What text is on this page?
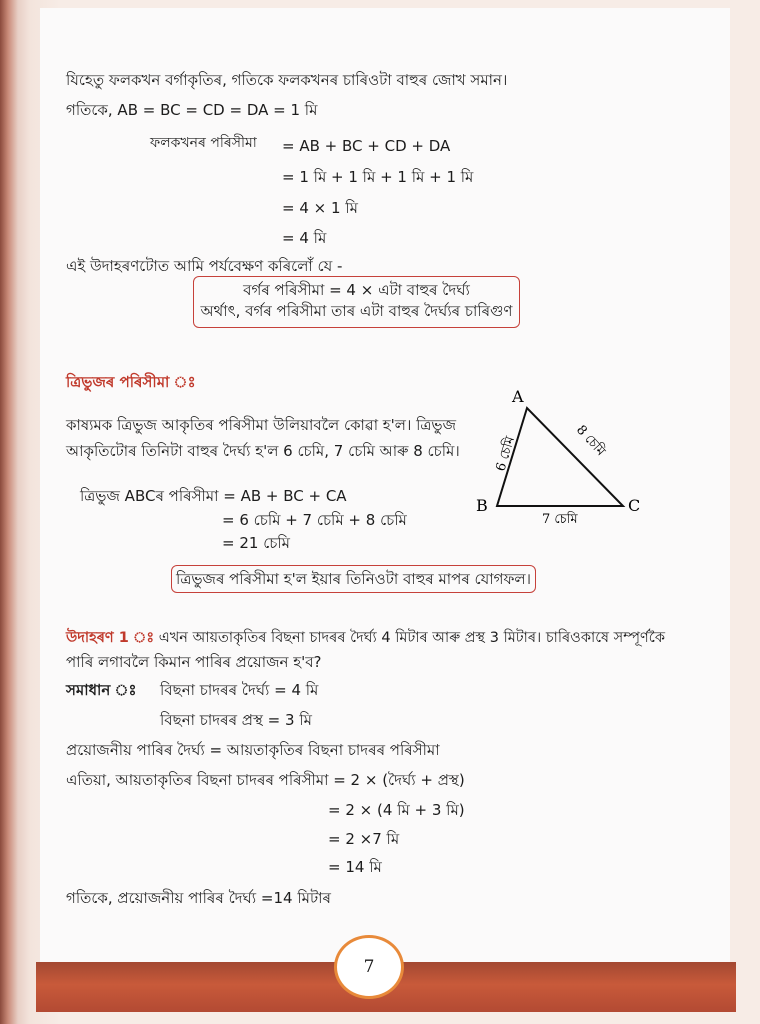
যিহেতু ফলকখন বৰ্গাকৃতিৰ, গতিকে ফলকখনৰ চাৰিওটা বাহুৰ জোখ সমান।
গতিকে, AB = BC = CD = DA = 1 মি
ফলকখনৰ পৰিসীমা = AB + BC + CD + DA
= 1 মি + 1 মি + 1 মি + 1 মি
= 4 × 1 মি
= 4 মি
এই উদাহৰণটোত আমি পৰ্যবেক্ষণ কৰিলোঁ যে -
বৰ্গৰ পৰিসীমা = 4 × এটা বাহুৰ দৈৰ্ঘ্য
অৰ্থাৎ, বৰ্গৰ পৰিসীমা তাৰ এটা বাহুৰ দৈৰ্ঘ্যৰ চাৰিগুণ
ত্ৰিভুজৰ পৰিসীমা ঃ
কাষ্যমক ত্ৰিভুজ আকৃতিৰ পৰিসীমা উলিয়াবলৈ কোৱা হ'ল। ত্ৰিভুজ
আকৃতিটোৰ তিনিটা বাহুৰ দৈৰ্ঘ্য হ'ল 6 চেমি, 7 চেমি আৰু 8 চেমি।
ত্ৰিভুজ ABCৰ পৰিসীমা = AB + BC + CA
= 6 চেমি + 7 চেমি + 8 চেমি
= 21 চেমি
A
B	C
6 চেমি	8 চেমি
7 চেমি
ত্ৰিভুজৰ পৰিসীমা হ'ল ইয়াৰ তিনিওটা বাহুৰ মাপৰ যোগফল।
উদাহৰণ 1 ঃ এখন আয়তাকৃতিৰ বিছনা চাদৰৰ দৈৰ্ঘ্য 4 মিটাৰ আৰু প্ৰস্থ 3 মিটাৰ। চাৰিওকাষে সম্পূৰ্ণকৈ
পাৰি লগাবলৈ কিমান পাৰিৰ প্ৰয়োজন হ'ব?
সমাধান ঃ বিছনা চাদৰৰ দৈৰ্ঘ্য = 4 মি
বিছনা চাদৰৰ প্ৰস্থ = 3 মি
প্ৰয়োজনীয় পাৰিৰ দৈৰ্ঘ্য = আয়তাকৃতিৰ বিছনা চাদৰৰ পৰিসীমা
এতিয়া, আয়তাকৃতিৰ বিছনা চাদৰৰ পৰিসীমা = 2 × (দৈৰ্ঘ্য + প্ৰস্থ)
= 2 × (4 মি + 3 মি)
= 2 ×7 মি
= 14 মি
গতিকে, প্ৰয়োজনীয় পাৰিৰ দৈৰ্ঘ্য =14 মিটাৰ
7
